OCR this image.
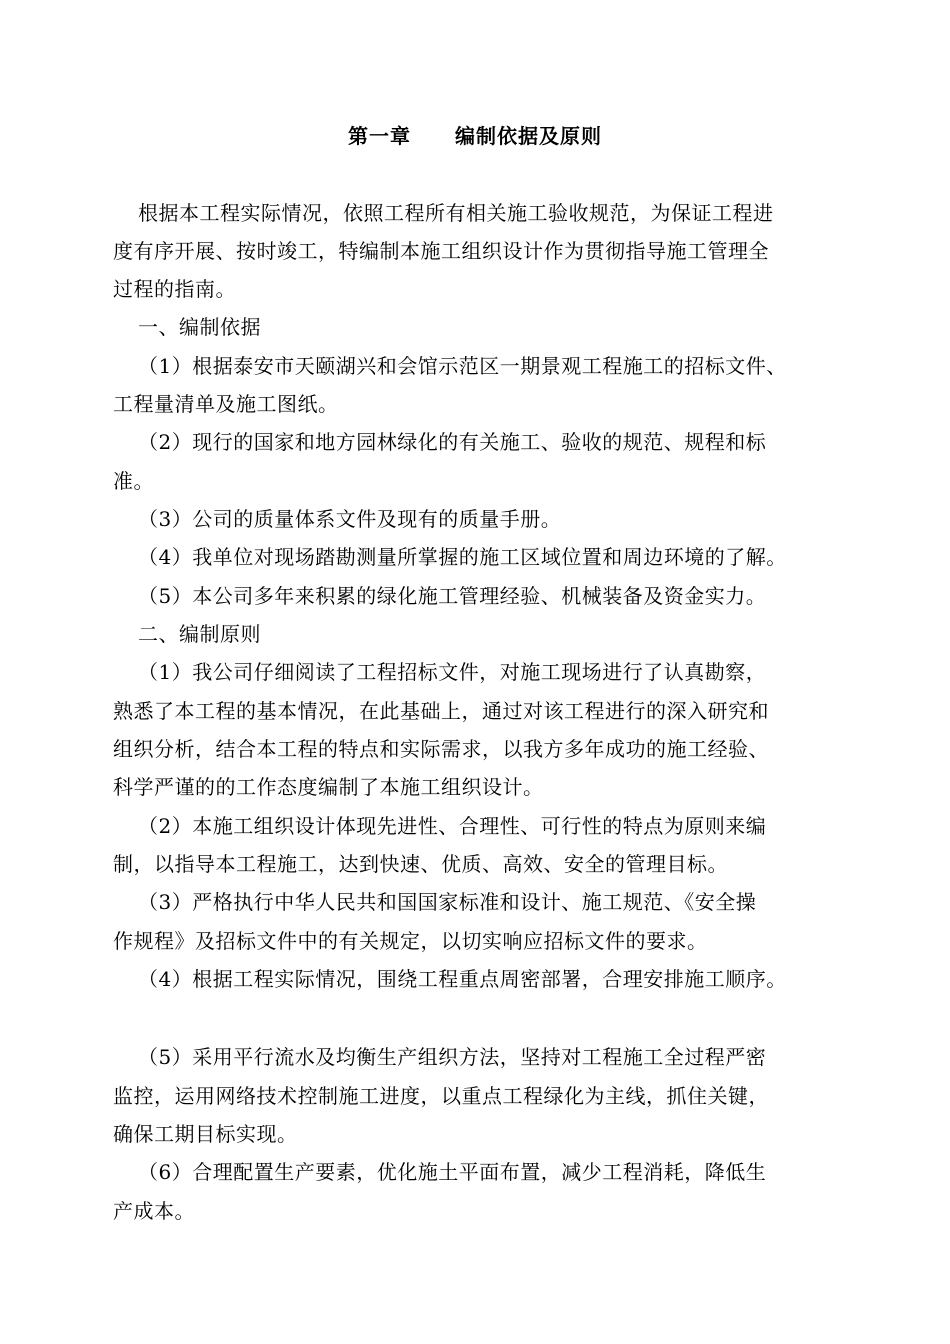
第一章 编制依据及原则
根据本工程实际情况，依照工程所有相关施工验收规范，为保证工程进
度有序开展、按时竣工，特编制本施工组织设计作为贯彻指导施工管理全
过程的指南。
一、编制依据
（1）根据泰安市天颐湖兴和会馆示范区一期景观工程施工的招标文件、
工程量清单及施工图纸。
（2）现行的国家和地方园林绿化的有关施工、验收的规范、规程和标
准。
（3）公司的质量体系文件及现有的质量手册。
（4）我单位对现场踏勘测量所掌握的施工区域位置和周边环境的了解。
（5）本公司多年来积累的绿化施工管理经验、机械装备及资金实力。
二、编制原则
（1）我公司仔细阅读了工程招标文件，对施工现场进行了认真勘察，
熟悉了本工程的基本情况，在此基础上，通过对该工程进行的深入研究和
组织分析，结合本工程的特点和实际需求，以我方多年成功的施工经验、
科学严谨的的工作态度编制了本施工组织设计。
（2）本施工组织设计体现先进性、合理性、可行性的特点为原则来编
制，以指导本工程施工，达到快速、优质、高效、安全的管理目标。
（3）严格执行中华人民共和国国家标准和设计、施工规范、《安全操
作规程》及招标文件中的有关规定，以切实响应招标文件的要求。
（4）根据工程实际情况，围绕工程重点周密部署，合理安排施工顺序。
（5）采用平行流水及均衡生产组织方法，坚持对工程施工全过程严密
监控，运用网络技术控制施工进度，以重点工程绿化为主线，抓住关键，
确保工期目标实现。
（6）合理配置生产要素，优化施土平面布置，减少工程消耗，降低生
产成本。
